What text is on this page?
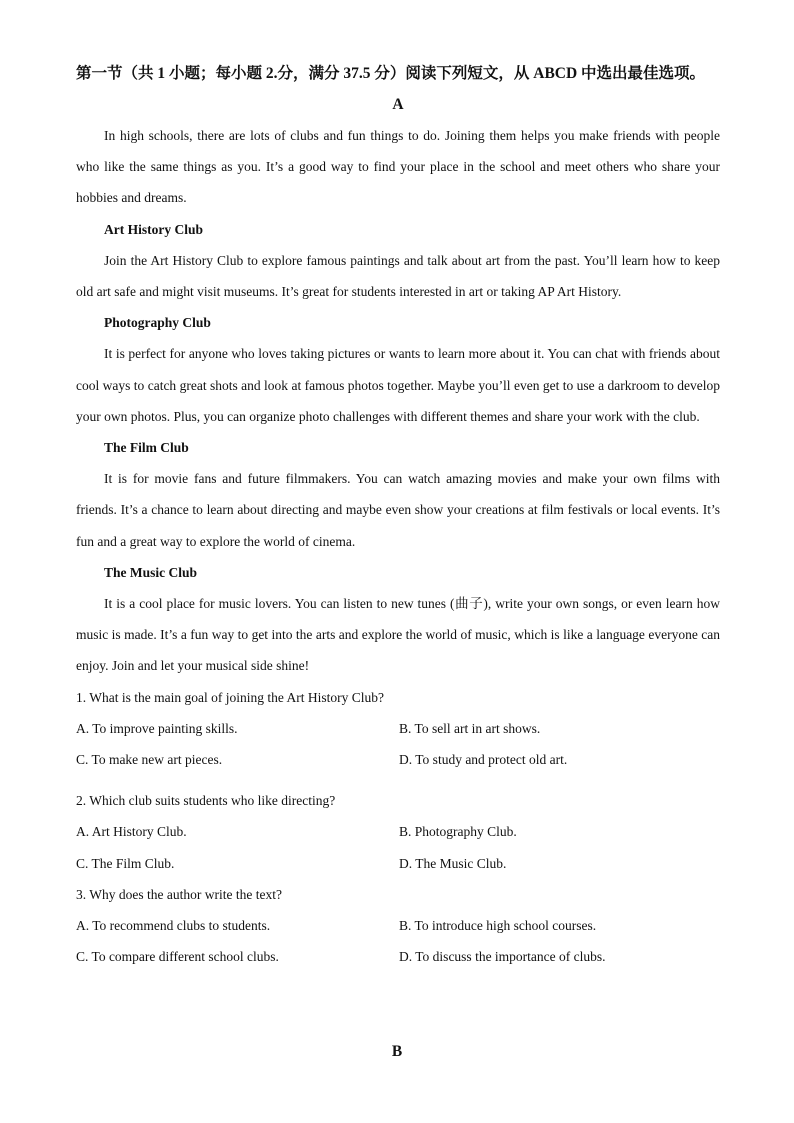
第一节（共 1 小题；每小题 2.分，满分 37.5 分）阅读下列短文，从 ABCD 中选出最佳选项。

A

In high schools, there are lots of clubs and fun things to do. Joining them helps you make friends with people who like the same things as you. It’s a good way to find your place in the school and meet others who share your hobbies and dreams.

Art History Club

Join the Art History Club to explore famous paintings and talk about art from the past. You’ll learn how to keep old art safe and might visit museums. It’s great for students interested in art or taking AP Art History.

Photography Club

It is perfect for anyone who loves taking pictures or wants to learn more about it. You can chat with friends about cool ways to catch great shots and look at famous photos together. Maybe you’ll even get to use a darkroom to develop your own photos. Plus, you can organize photo challenges with different themes and share your work with the club.

The Film Club

It is for movie fans and future filmmakers. You can watch amazing movies and make your own films with friends. It’s a chance to learn about directing and maybe even show your creations at film festivals or local events. It’s fun and a great way to explore the world of cinema.

The Music Club

It is a cool place for music lovers. You can listen to new tunes (曲子), write your own songs, or even learn how music is made. It’s a fun way to get into the arts and explore the world of music, which is like a language everyone can enjoy. Join and let your musical side shine!

1. What is the main goal of joining the Art History Club?

A. To improve painting skills.	B. To sell art in art shows.
C. To make new art pieces.	D. To study and protect old art.

2. Which club suits students who like directing?

A. Art History Club.	B. Photography Club.
C. The Film Club.	D. The Music Club.

3. Why does the author write the text?

A. To recommend clubs to students.	B. To introduce high school courses.
C. To compare different school clubs.	D. To discuss the importance of clubs.
B
